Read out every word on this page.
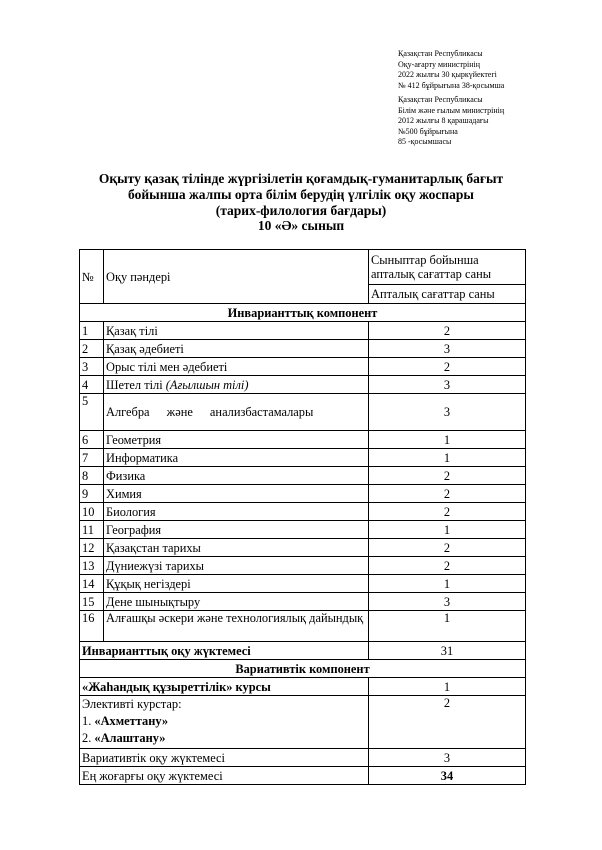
Қазақстан Республикасы
Оқу-ағарту министрінің
2022 жылғы 30 қыркүйектегі
№ 412 бұйрығына 38-қосымша
Қазақстан Республикасы
Білім және ғылым министрінің
2012 жылғы 8 қарашадағы
№500 бұйрығына
85 -қосымшасы
Оқыту қазақ тілінде жүргізілетін қоғамдық-гуманитарлық бағыт
бойынша жалпы орта білім берудің үлгілік оқу жоспары
(тарих-филология бағдары)
10 «Ә» сынып
№	Оқу пәндері	Сыныптар бойынша апталық сағаттар саны
		Апталық сағаттар саны
Инварианттық компонент		
1	Қазақ тілі	2
2	Қазақ әдебиеті	3
3	Орыс тілі мен әдебиеті	2
4	Шетел тілі (Ағылшын тілі)	3
5	Алгебра және анализбастамалары	3
6	Геометрия	1
7	Информатика	1
8	Физика	2
9	Химия	2
10	Биология	2
11	География	1
12	Қазақстан тарихы	2
13	Дүниежүзі тарихы	2
14	Құқық негіздері	1
15	Дене шынықтыру	3
16	Алғашқы әскери және технологиялық дайындық	1
Инварианттық оқу жүктемесі		31
Вариативтік компонент		
«Жаһандық құзыреттілік» курсы		1

Элективті курстар:
1. «Ахметтану»
2. «Алаштану»		2
Вариативтік оқу жүктемесі		3
Ең жоғарғы оқу жүктемесі		34
